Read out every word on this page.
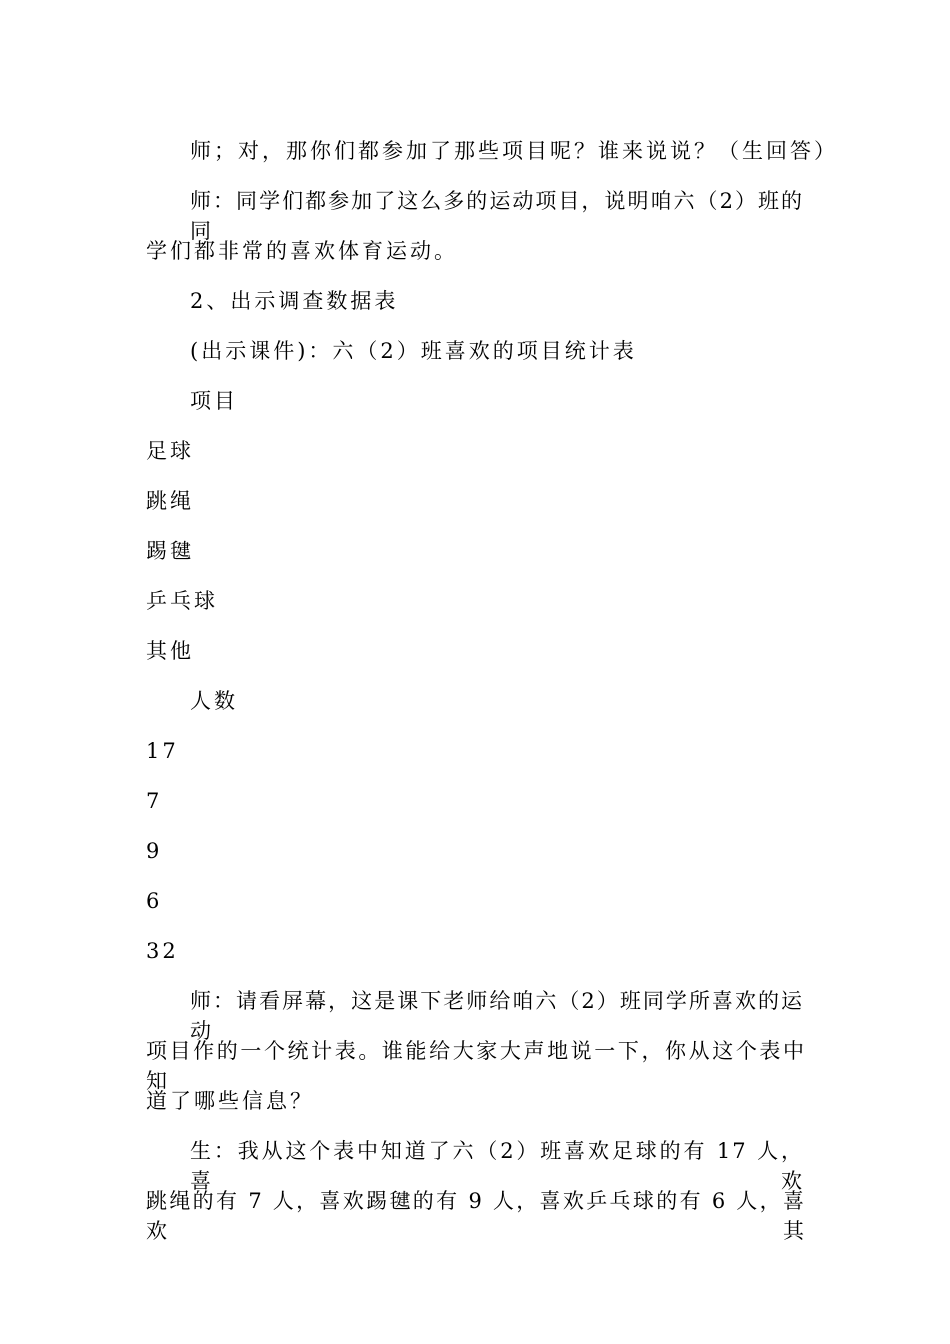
师；对，那你们都参加了那些项目呢？谁来说说？（生回答）
师：同学们都参加了这么多的运动项目，说明咱六（2）班的同
学们都非常的喜欢体育运动。
2、出示调查数据表
(出示课件)：六（2）班喜欢的项目统计表
项目
足球
跳绳
踢毽
乒乓球
其他
人数
17
7
9
6
32
师：请看屏幕，这是课下老师给咱六（2）班同学所喜欢的运动
项目作的一个统计表。谁能给大家大声地说一下，你从这个表中知
道了哪些信息？
生：我从这个表中知道了六（2）班喜欢足球的有 17 人，喜欢
跳绳的有 7 人，喜欢踢毽的有 9 人，喜欢乒乓球的有 6 人，喜欢其
